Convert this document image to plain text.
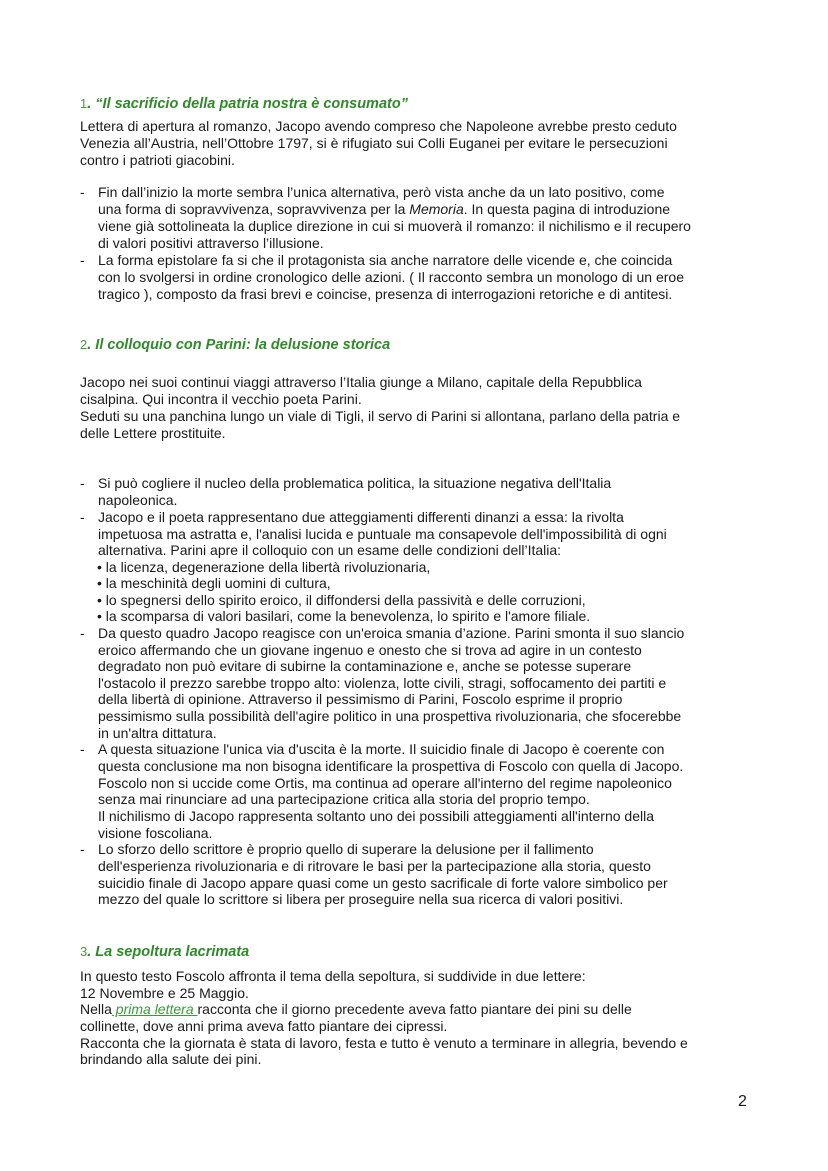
1. “Il sacrificio della patria nostra è consumato”
Lettera di apertura al romanzo, Jacopo avendo compreso che Napoleone avrebbe presto ceduto
Venezia all’Austria, nell’Ottobre 1797, si è rifugiato sui Colli Euganei per evitare le persecuzioni
contro i patrioti giacobini.
- Fin dall’inizio la morte sembra l’unica alternativa, però vista anche da un lato positivo, come
una forma di sopravvivenza, sopravvivenza per la Memoria. In questa pagina di introduzione
viene già sottolineata la duplice direzione in cui si muoverà il romanzo: il nichilismo e il recupero
di valori positivi attraverso l’illusione.
- La forma epistolare fa si che il protagonista sia anche narratore delle vicende e, che coincida
con lo svolgersi in ordine cronologico delle azioni. ( Il racconto sembra un monologo di un eroe
tragico ), composto da frasi brevi e coincise, presenza di interrogazioni retoriche e di antitesi.
2. Il colloquio con Parini: la delusione storica
Jacopo nei suoi continui viaggi attraverso l’Italia giunge a Milano, capitale della Repubblica
cisalpina. Qui incontra il vecchio poeta Parini.
Seduti su una panchina lungo un viale di Tigli, il servo di Parini si allontana, parlano della patria e
delle Lettere prostituite.
- Si può cogliere il nucleo della problematica politica, la situazione negativa dell'Italia
napoleonica.
- Jacopo e il poeta rappresentano due atteggiamenti differenti dinanzi a essa: la rivolta
impetuosa ma astratta e, l'analisi lucida e puntuale ma consapevole dell'impossibilità di ogni
alternativa. Parini apre il colloquio con un esame delle condizioni dell’Italia:
• la licenza, degenerazione della libertà rivoluzionaria,
• la meschinità degli uomini di cultura,
• lo spegnersi dello spirito eroico, il diffondersi della passività e delle corruzioni,
• la scomparsa di valori basilari, come la benevolenza, lo spirito e l'amore filiale.
- Da questo quadro Jacopo reagisce con un'eroica smania d’azione. Parini smonta il suo slancio
eroico affermando che un giovane ingenuo e onesto che si trova ad agire in un contesto
degradato non può evitare di subirne la contaminazione e, anche se potesse superare
l'ostacolo il prezzo sarebbe troppo alto: violenza, lotte civili, stragi, soffocamento dei partiti e
della libertà di opinione. Attraverso il pessimismo di Parini, Foscolo esprime il proprio
pessimismo sulla possibilità dell'agire politico in una prospettiva rivoluzionaria, che sfocerebbe
in un'altra dittatura.
- A questa situazione l'unica via d'uscita è la morte. Il suicidio finale di Jacopo è coerente con
questa conclusione ma non bisogna identificare la prospettiva di Foscolo con quella di Jacopo.
Foscolo non si uccide come Ortis, ma continua ad operare all'interno del regime napoleonico
senza mai rinunciare ad una partecipazione critica alla storia del proprio tempo.
Il nichilismo di Jacopo rappresenta soltanto uno dei possibili atteggiamenti all'interno della
visione foscoliana.
- Lo sforzo dello scrittore è proprio quello di superare la delusione per il fallimento
dell'esperienza rivoluzionaria e di ritrovare le basi per la partecipazione alla storia, questo
suicidio finale di Jacopo appare quasi come un gesto sacrificale di forte valore simbolico per
mezzo del quale lo scrittore si libera per proseguire nella sua ricerca di valori positivi.
3. La sepoltura lacrimata
In questo testo Foscolo affronta il tema della sepoltura, si suddivide in due lettere:
12 Novembre e 25 Maggio.
Nella prima lettera racconta che il giorno precedente aveva fatto piantare dei pini su delle
collinette, dove anni prima aveva fatto piantare dei cipressi.
Racconta che la giornata è stata di lavoro, festa e tutto è venuto a terminare in allegria, bevendo e
brindando alla salute dei pini.
2
